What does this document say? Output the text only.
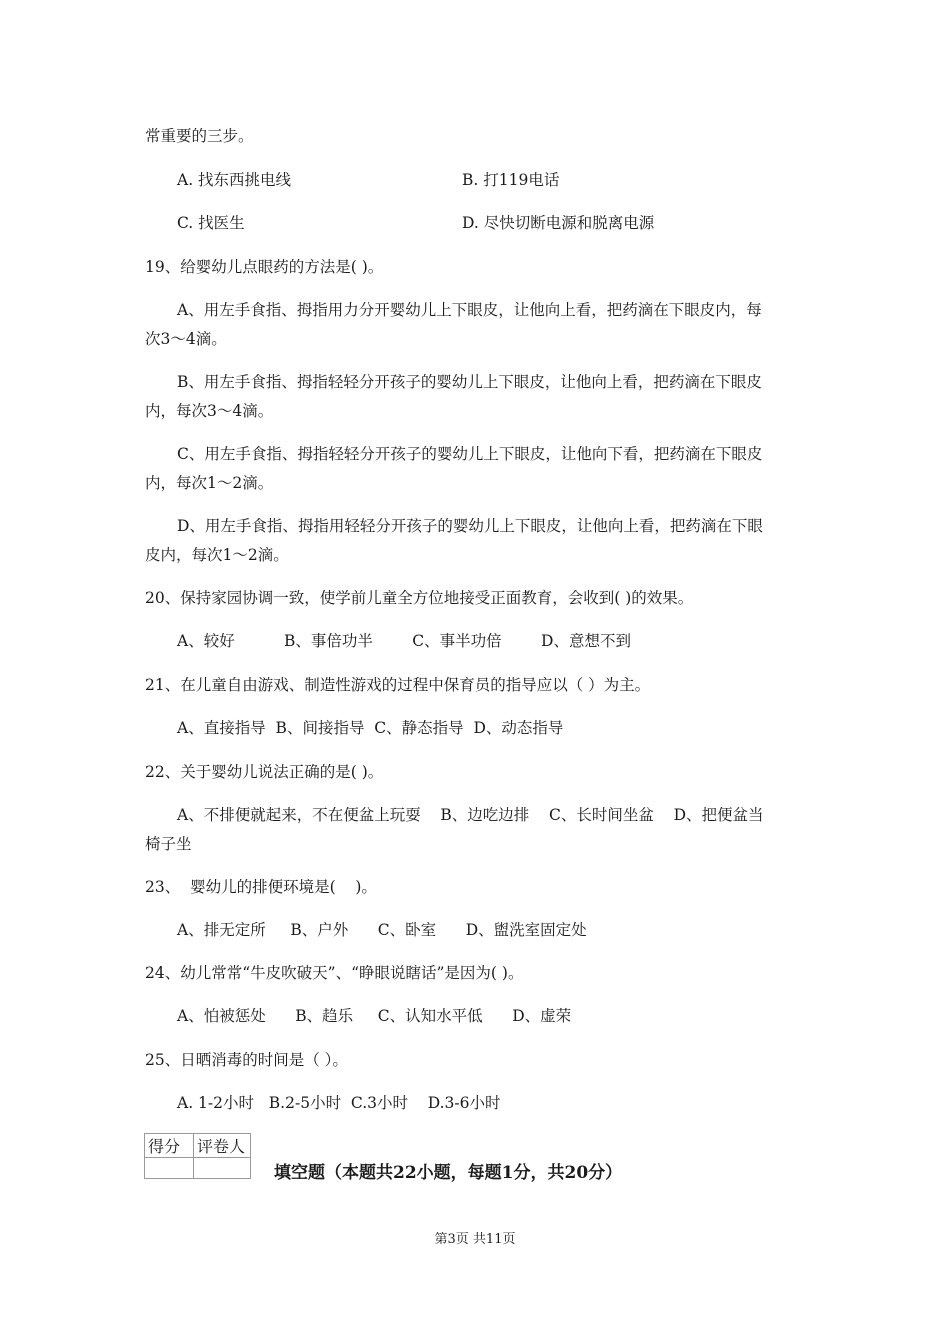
常重要的三步。
A. 找东西挑电线	B. 打119电话
C. 找医生	D. 尽快切断电源和脱离电源
19、给婴幼儿点眼药的方法是( )。
A、用左手食指、拇指用力分开婴幼儿上下眼皮，让他向上看，把药滴在下眼皮内，每
次3～4滴。
B、用左手食指、拇指轻轻分开孩子的婴幼儿上下眼皮，让他向上看，把药滴在下眼皮
内，每次3～4滴。
C、用左手食指、拇指轻轻分开孩子的婴幼儿上下眼皮，让他向下看，把药滴在下眼皮
内，每次1～2滴。
D、用左手食指、拇指用轻轻分开孩子的婴幼儿上下眼皮，让他向上看，把药滴在下眼
皮内，每次1～2滴。
20、保持家园协调一致，使学前儿童全方位地接受正面教育，会收到( )的效果。
A、较好          B、事倍功半        C、事半功倍        D、意想不到
21、在儿童自由游戏、制造性游戏的过程中保育员的指导应以（ ）为主。
A、直接指导  B、间接指导  C、静态指导  D、动态指导
22、关于婴幼儿说法正确的是( )。
A、不排便就起来，不在便盆上玩耍    B、边吃边排    C、长时间坐盆    D、把便盆当
椅子坐
23、  婴幼儿的排便环境是(    )。
A、排无定所     B、户外      C、卧室      D、盥洗室固定处
24、幼儿常常“牛皮吹破天”、“睁眼说瞎话”是因为( )。
A、怕被惩处      B、趋乐     C、认知水平低      D、虚荣
25、日晒消毒的时间是（ ）。
A. 1-2小时   B.2-5小时  C.3小时    D.3-6小时
得分	评卷人

填空题（本题共22小题，每题1分，共20分）
第3页 共11页
